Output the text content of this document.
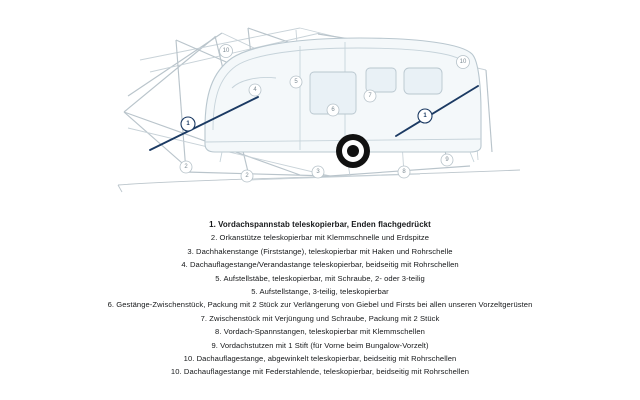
1
1
2
2
3
4
5
6
7
8
9
10
10
1. Vordachspannstab teleskopierbar, Enden flachgedrückt
2. Orkanstütze teleskopierbar mit Klemmschnelle und Erdspitze
3. Dachhakenstange (Firststange), teleskopierbar mit Haken und Rohrschelle
4. Dachauflagestange/Verandastange teleskopierbar, beidseitig mit Rohrschellen
5. Aufstellstäbe, teleskopierbar, mit Schraube, 2- oder 3-teilig
5. Aufstellstange, 3-teilig, teleskopierbar
6. Gestänge-Zwischenstück, Packung mit 2 Stück zur Verlängerung von Giebel und Firsts bei allen unseren Vorzeltgerüsten
7. Zwischenstück mit Verjüngung und Schraube, Packung mit 2 Stück
8. Vordach-Spannstangen, teleskopierbar mit Klemmschellen
9. Vordachstutzen mit 1 Stift (für Vorne beim Bungalow-Vorzelt)
10. Dachauflagestange, abgewinkelt teleskopierbar, beidseitig mit Rohrschellen
10. Dachauflagestange mit Federstahlende, teleskopierbar, beidseitig mit Rohrschellen
